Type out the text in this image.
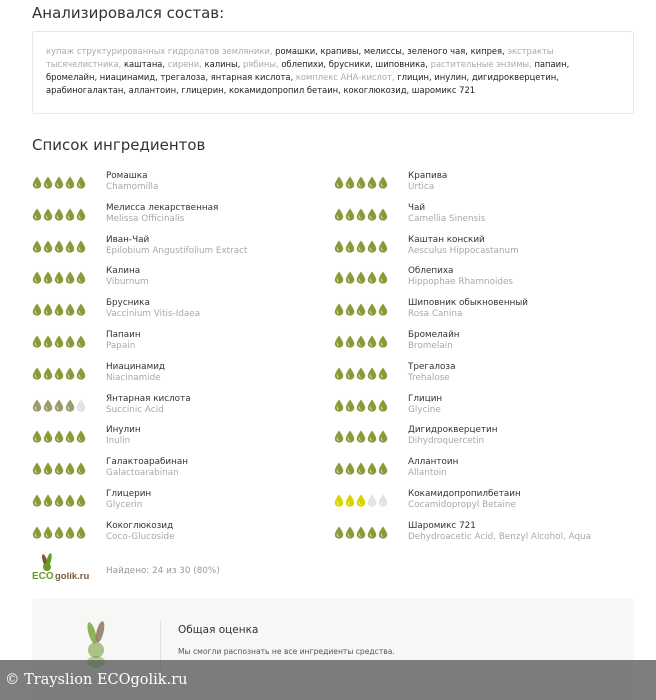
Анализировался состав:
купаж структурированных гидролатов земляники, ромашки, крапивы, мелиссы, зеленого чая, кипрея, экстракты тысячелистника, каштана, сирени, калины, рябины, облепихи, брусники, шиповника, растительные энзимы, папаин, бромелайн, ниацинамид, трегалоза, янтарная кислота, комплекс АНА-кислот, глицин, инулин, дигидрокверцетин, арабиногалактан, аллантоин, глицерин, кокамидопропил бетаин, кокоглюкозид, шаромикс 721
Список ингредиентов
Ромашка
Chamomilla
Крапива
Urtica
Мелисса лекарственная
Melissa Officinalis
Чай
Camellia Sinensis
Иван-Чай
Epilobium Angustifolium Extract
Каштан конский
Aesculus Hippocastanum
Калина
Viburnum
Облепиха
Hippophae Rhamnoides
Брусника
Vaccinium Vitis-Idaea
Шиповник обыкновенный
Rosa Canina
Папаин
Papain
Бромелайн
Bromelain
Ниацинамид
Niacinamide
Трегалоза
Trehalose
Янтарная кислота
Succinic Acid
Глицин
Glycine
Инулин
Inulin
Дигидрокверцетин
Dihydroquercetin
Галактоарабинан
Galactoarabinan
Аллантоин
Allantoin
Глицерин
Glycerin
Кокамидопропилбетаин
Cocamidopropyl Betaine
Кокоглюкозид
Coco-Glucoside
Шаромикс 721
Dehydroacetic Acid, Benzyl Alcohol, Aqua
ECO golik.ru Найдено: 24 из 30 (80%)
Общая оценка
Мы смогли распознать не все ингредиенты средства.
© Trayslion ECOgolik.ru
